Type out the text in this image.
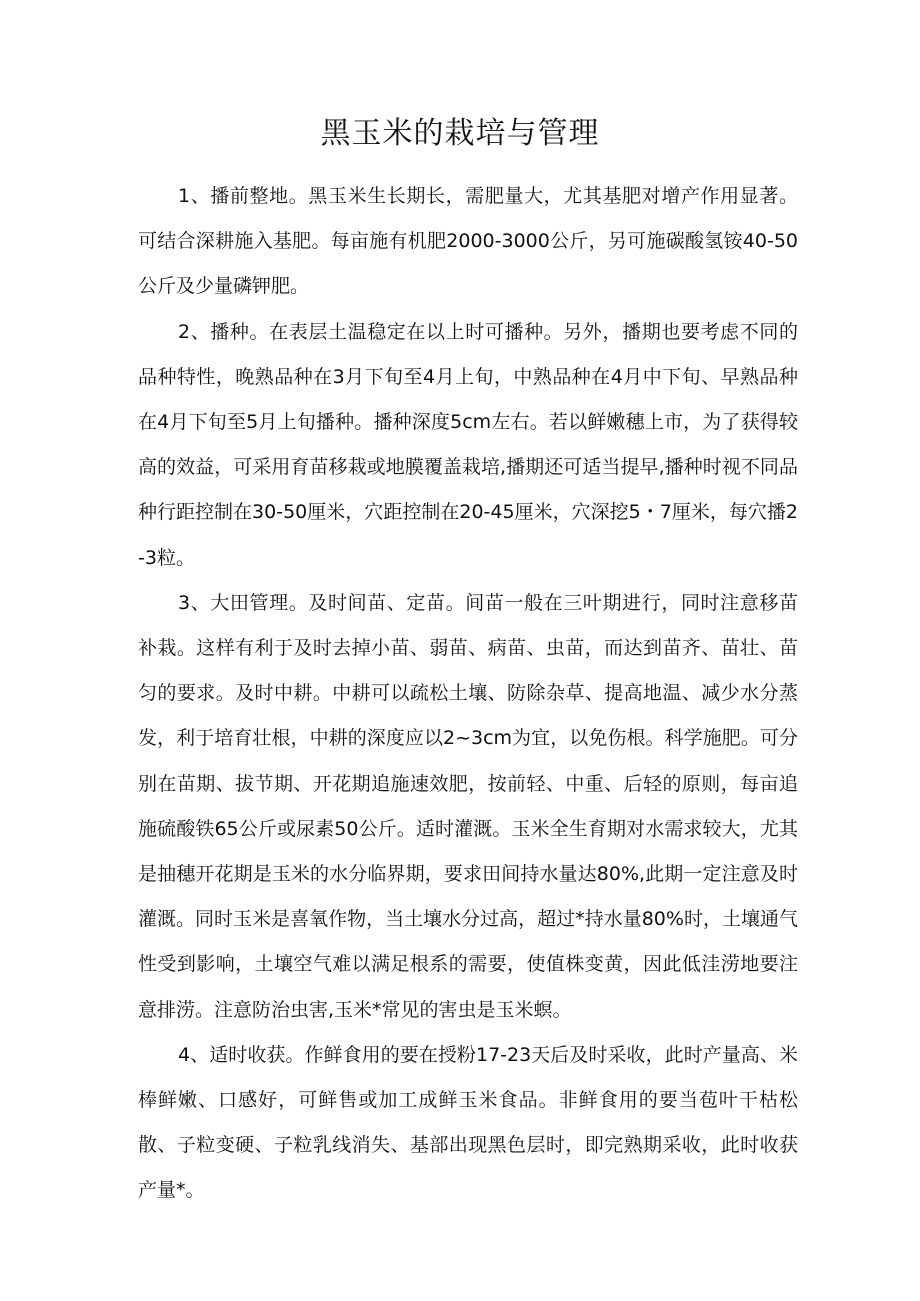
黑玉米的栽培与管理

1、播前整地。黑玉米生长期长，需肥量大，尤其基肥对增产作用显著。可结合深耕施入基肥。每亩施有机肥2000-3000公斤，另可施碳酸氢铵40-50公斤及少量磷钾肥。

2、播种。在表层土温稳定在以上时可播种。另外，播期也要考虑不同的品种特性，晚熟品种在3月下旬至4月上旬，中熟品种在4月中下旬、早熟品种在4月下旬至5月上旬播种。播种深度5cm左右。若以鲜嫩穗上市，为了获得较高的效益，可采用育苗移栽或地膜覆盖栽培,播期还可适当提早,播种时视不同品种行距控制在30-50厘米，穴距控制在20-45厘米，穴深挖5・7厘米，每穴播2-3粒。

3、大田管理。及时间苗、定苗。间苗一般在三叶期进行，同时注意移苗补栽。这样有利于及时去掉小苗、弱苗、病苗、虫苗，而达到苗齐、苗壮、苗匀的要求。及时中耕。中耕可以疏松土壤、防除杂草、提高地温、减少水分蒸发，利于培育壮根，中耕的深度应以2~3cm为宜，以免伤根。科学施肥。可分别在苗期、拔节期、开花期追施速效肥，按前轻、中重、后轻的原则，每亩追施硫酸铁65公斤或尿素50公斤。适时灌溉。玉米全生育期对水需求较大，尤其是抽穗开花期是玉米的水分临界期，要求田间持水量达80%,此期一定注意及时灌溉。同时玉米是喜氧作物，当土壤水分过高，超过*持水量80%时，土壤通气性受到影响，土壤空气难以满足根系的需要，使值株变黄，因此低洼涝地要注意排涝。注意防治虫害,玉米*常见的害虫是玉米螟。

4、适时收获。作鲜食用的要在授粉17-23天后及时采收，此时产量高、米棒鲜嫩、口感好，可鲜售或加工成鲜玉米食品。非鲜食用的要当苞叶干枯松散、子粒变硬、子粒乳线消失、基部出现黑色层时，即完熟期采收，此时收获产量*。
